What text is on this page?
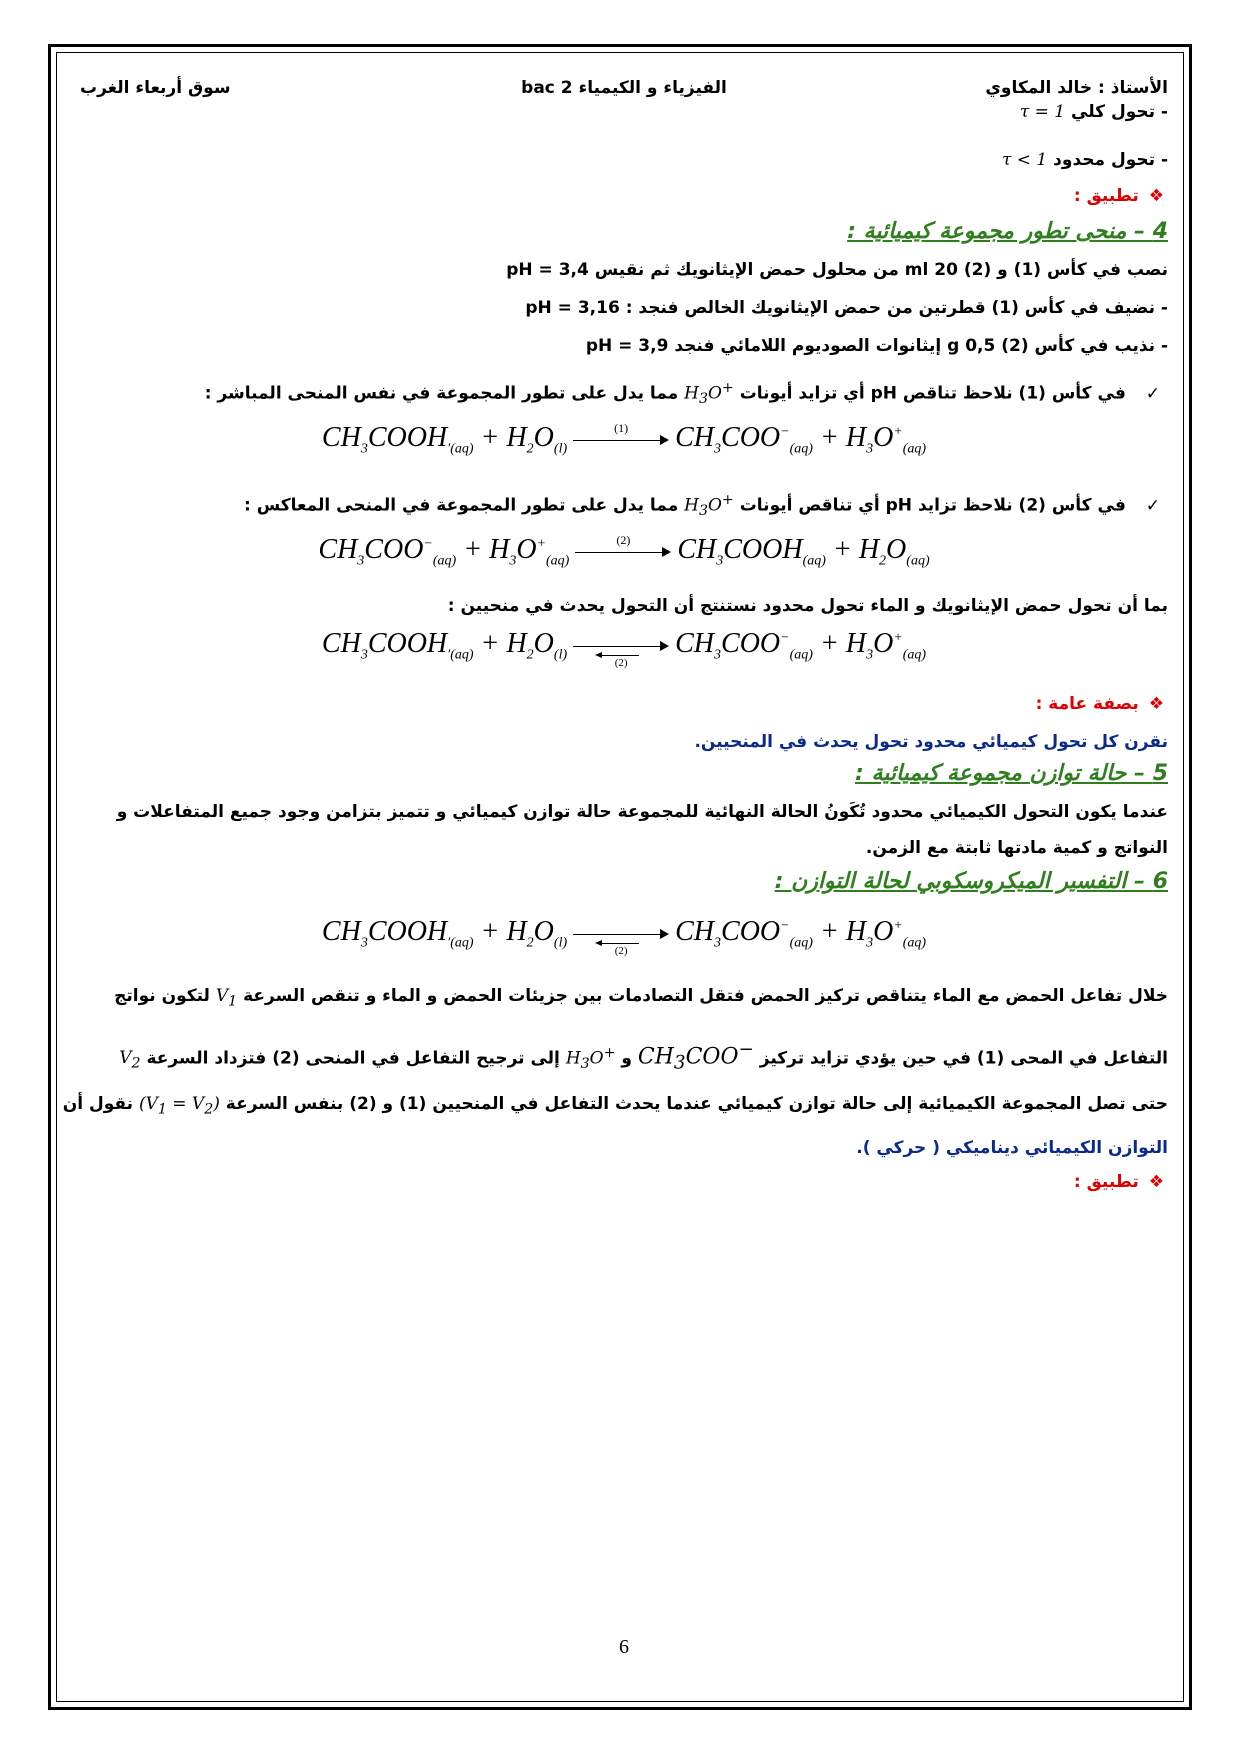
الأستاذ : خالد المكاوي
الفيزياء و الكيمياء 2 bac
سوق أربعاء الغرب
- تحول كلي τ = 1
- تحول محدود τ < 1
❖تطبيق :
4 – منحى تطور مجموعة كيميائية :
نصب في كأس (1) و (2) 20 ml من محلول حمض الإيثانويك ثم نقيس pH = 3,4
- نضيف في كأس (1) قطرتين من حمض الإيثانويك الخالص فنجد : pH = 3,16
- نذيب في كأس (2) 0,5 g إيثانوات الصوديوم اللامائي فنجد pH = 3,9
✓ في كأس (1) نلاحظ تناقص pH أي تزايد أيونات $H_3O^+$ مما يدل على تطور المجموعة في نفس المنحى المباشر :
$CH_3COOH_{'(aq)} + H_2O_{(l)}$
(1)	$CH_3COO^-_{(aq)} + H_3O^+_{(aq)}$
✓ في كأس (2) نلاحظ تزايد pH أي تناقص أيونات $H_3O^+$ مما يدل على تطور المجموعة في المنحى المعاكس :
$CH_3COO^-_{(aq)} + H_3O^+_{(aq)}$
(2)	$CH_3COOH_{(aq)} + H_2O_{(aq)}$
بما أن تحول حمض الإيثانويك و الماء تحول محدود نستنتج أن التحول يحدث في منحيين :
$CH_3COOH_{'(aq)} + H_2O_{(l)}$	(2)
$CH_3COO^-_{(aq)} + H_3O^+_{(aq)}$
❖بصفة عامة :
نقرن كل تحول كيميائي محدود تحول يحدث في المنحيين.
5 – حالة توازن مجموعة كيميائية :
عندما يكون التحول الكيميائي محدود تُكَونُ الحالة النهائية للمجموعة حالة توازن كيميائي و تتميز بتزامن وجود جميع المتفاعلات و
النواتج و كمية مادتها ثابتة مع الزمن.
6 – التفسير الميكروسكوبي لحالة التوازن :
$CH_3COOH_{'(aq)} + H_2O_{(l)}$	(2)
$CH_3COO^-_{(aq)} + H_3O^+_{(aq)}$
خلال تفاعل الحمض مع الماء يتناقص تركيز الحمض فتقل التصادمات بين جزيئات الحمض و الماء و تنقص السرعة $V_1$ لتكون نواتج
التفاعل في المحى (1) في حين يؤدي تزايد تركيز $CH_3COO^-$ و $H_3O^+$ إلى ترجيح التفاعل في المنحى (2) فتزداد السرعة $V_2$
حتى تصل المجموعة الكيميائية إلى حالة توازن كيميائي عندما يحدث التفاعل في المنحيين (1) و (2) بنفس السرعة $(V_1 = V_2)$ نقول أن
التوازن الكيميائي ديناميكي ( حركي ).
❖تطبيق :
6
